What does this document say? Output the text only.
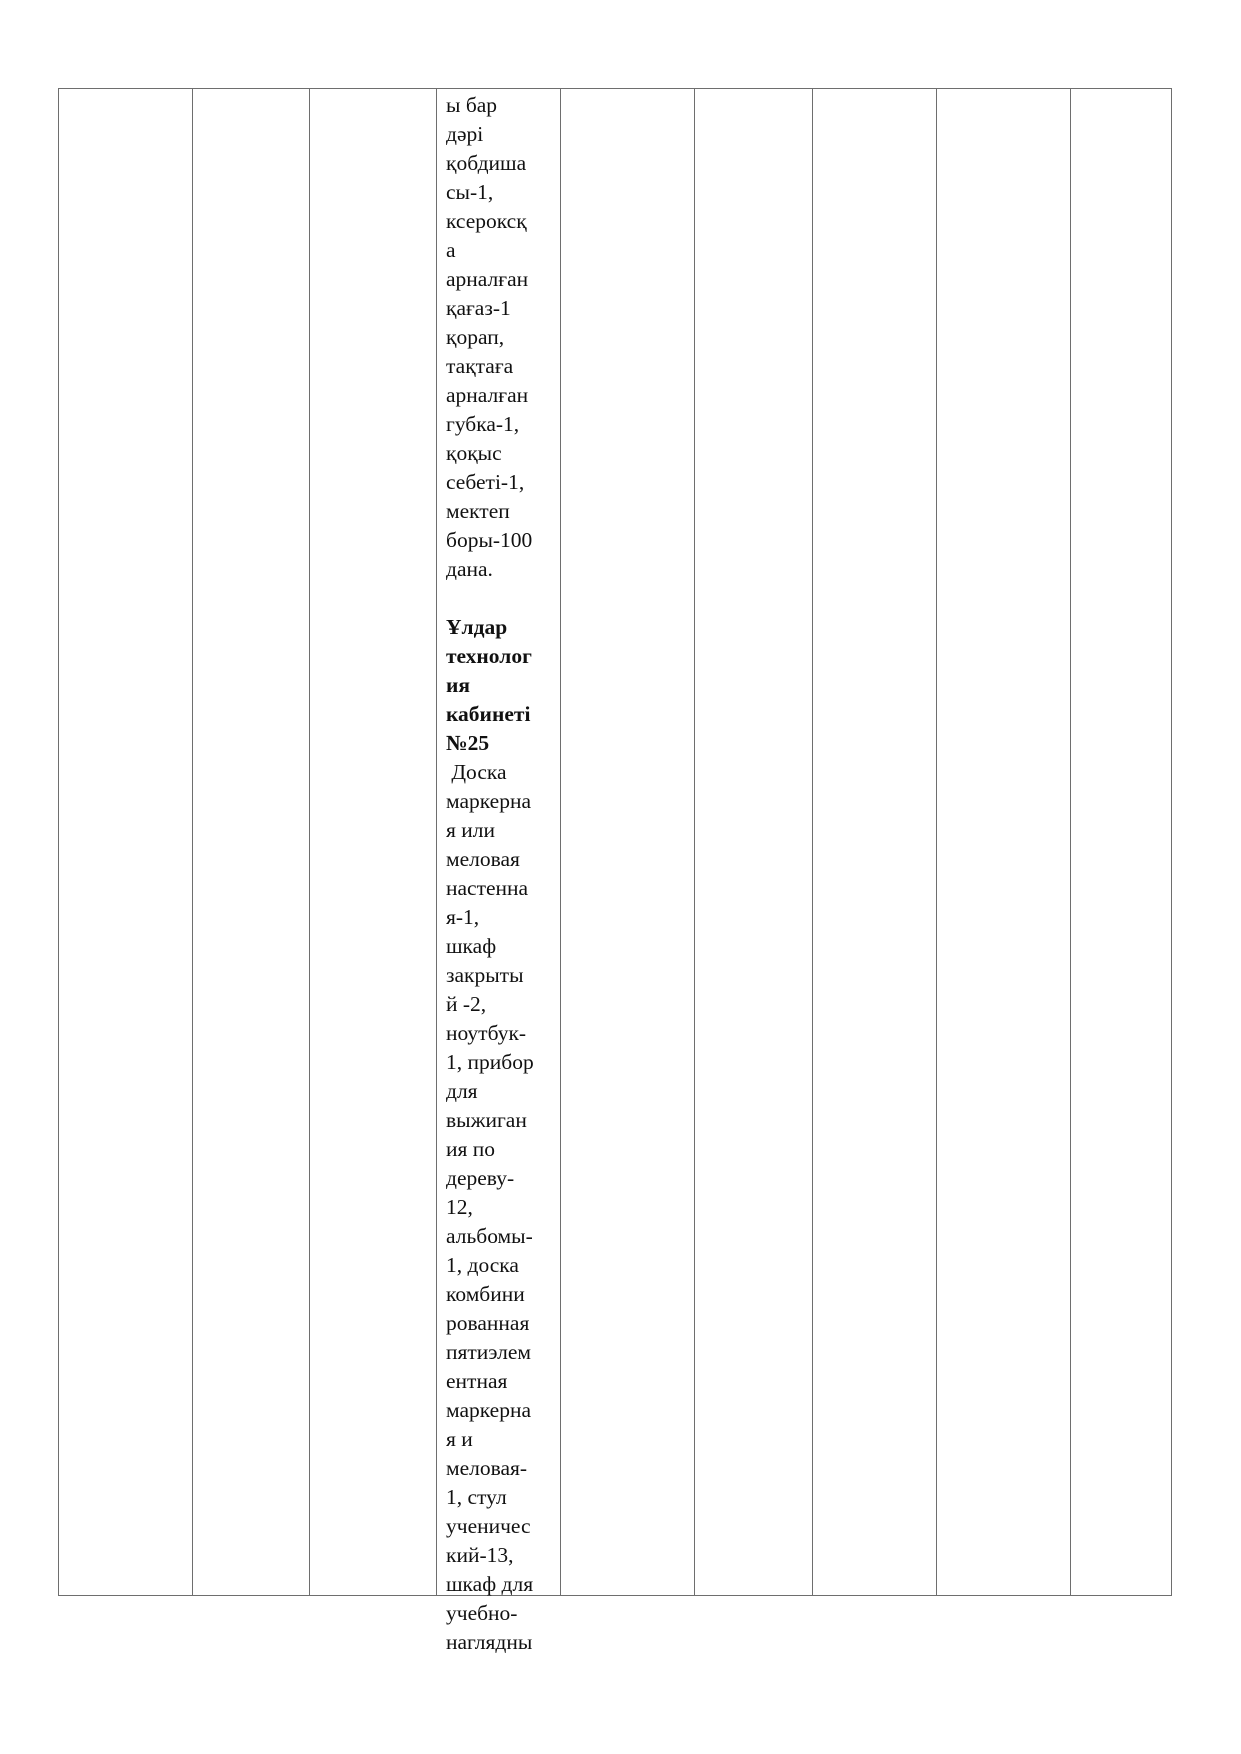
ы бар
дәрі
қобдиша
сы-1,
ксероксқ
а
арналған
қағаз-1
қорап,
тақтаға
арналған
губка-1,
қоқыс
себеті-1,
мектеп
боры-100
дана.
Ұлдар
технолог
ия
кабинеті
№25
Доска
маркерна
я или
меловая
настенна
я-1,
шкаф
закрыты
й -2,
ноутбук-
1, прибор
для
выжиган
ия по
дереву-
12,
альбомы-
1, доска
комбини
рованная
пятиэлем
ентная
маркерна
я и
меловая-
1, стул
ученичес
кий-13,
шкаф для
учебно-
наглядны
